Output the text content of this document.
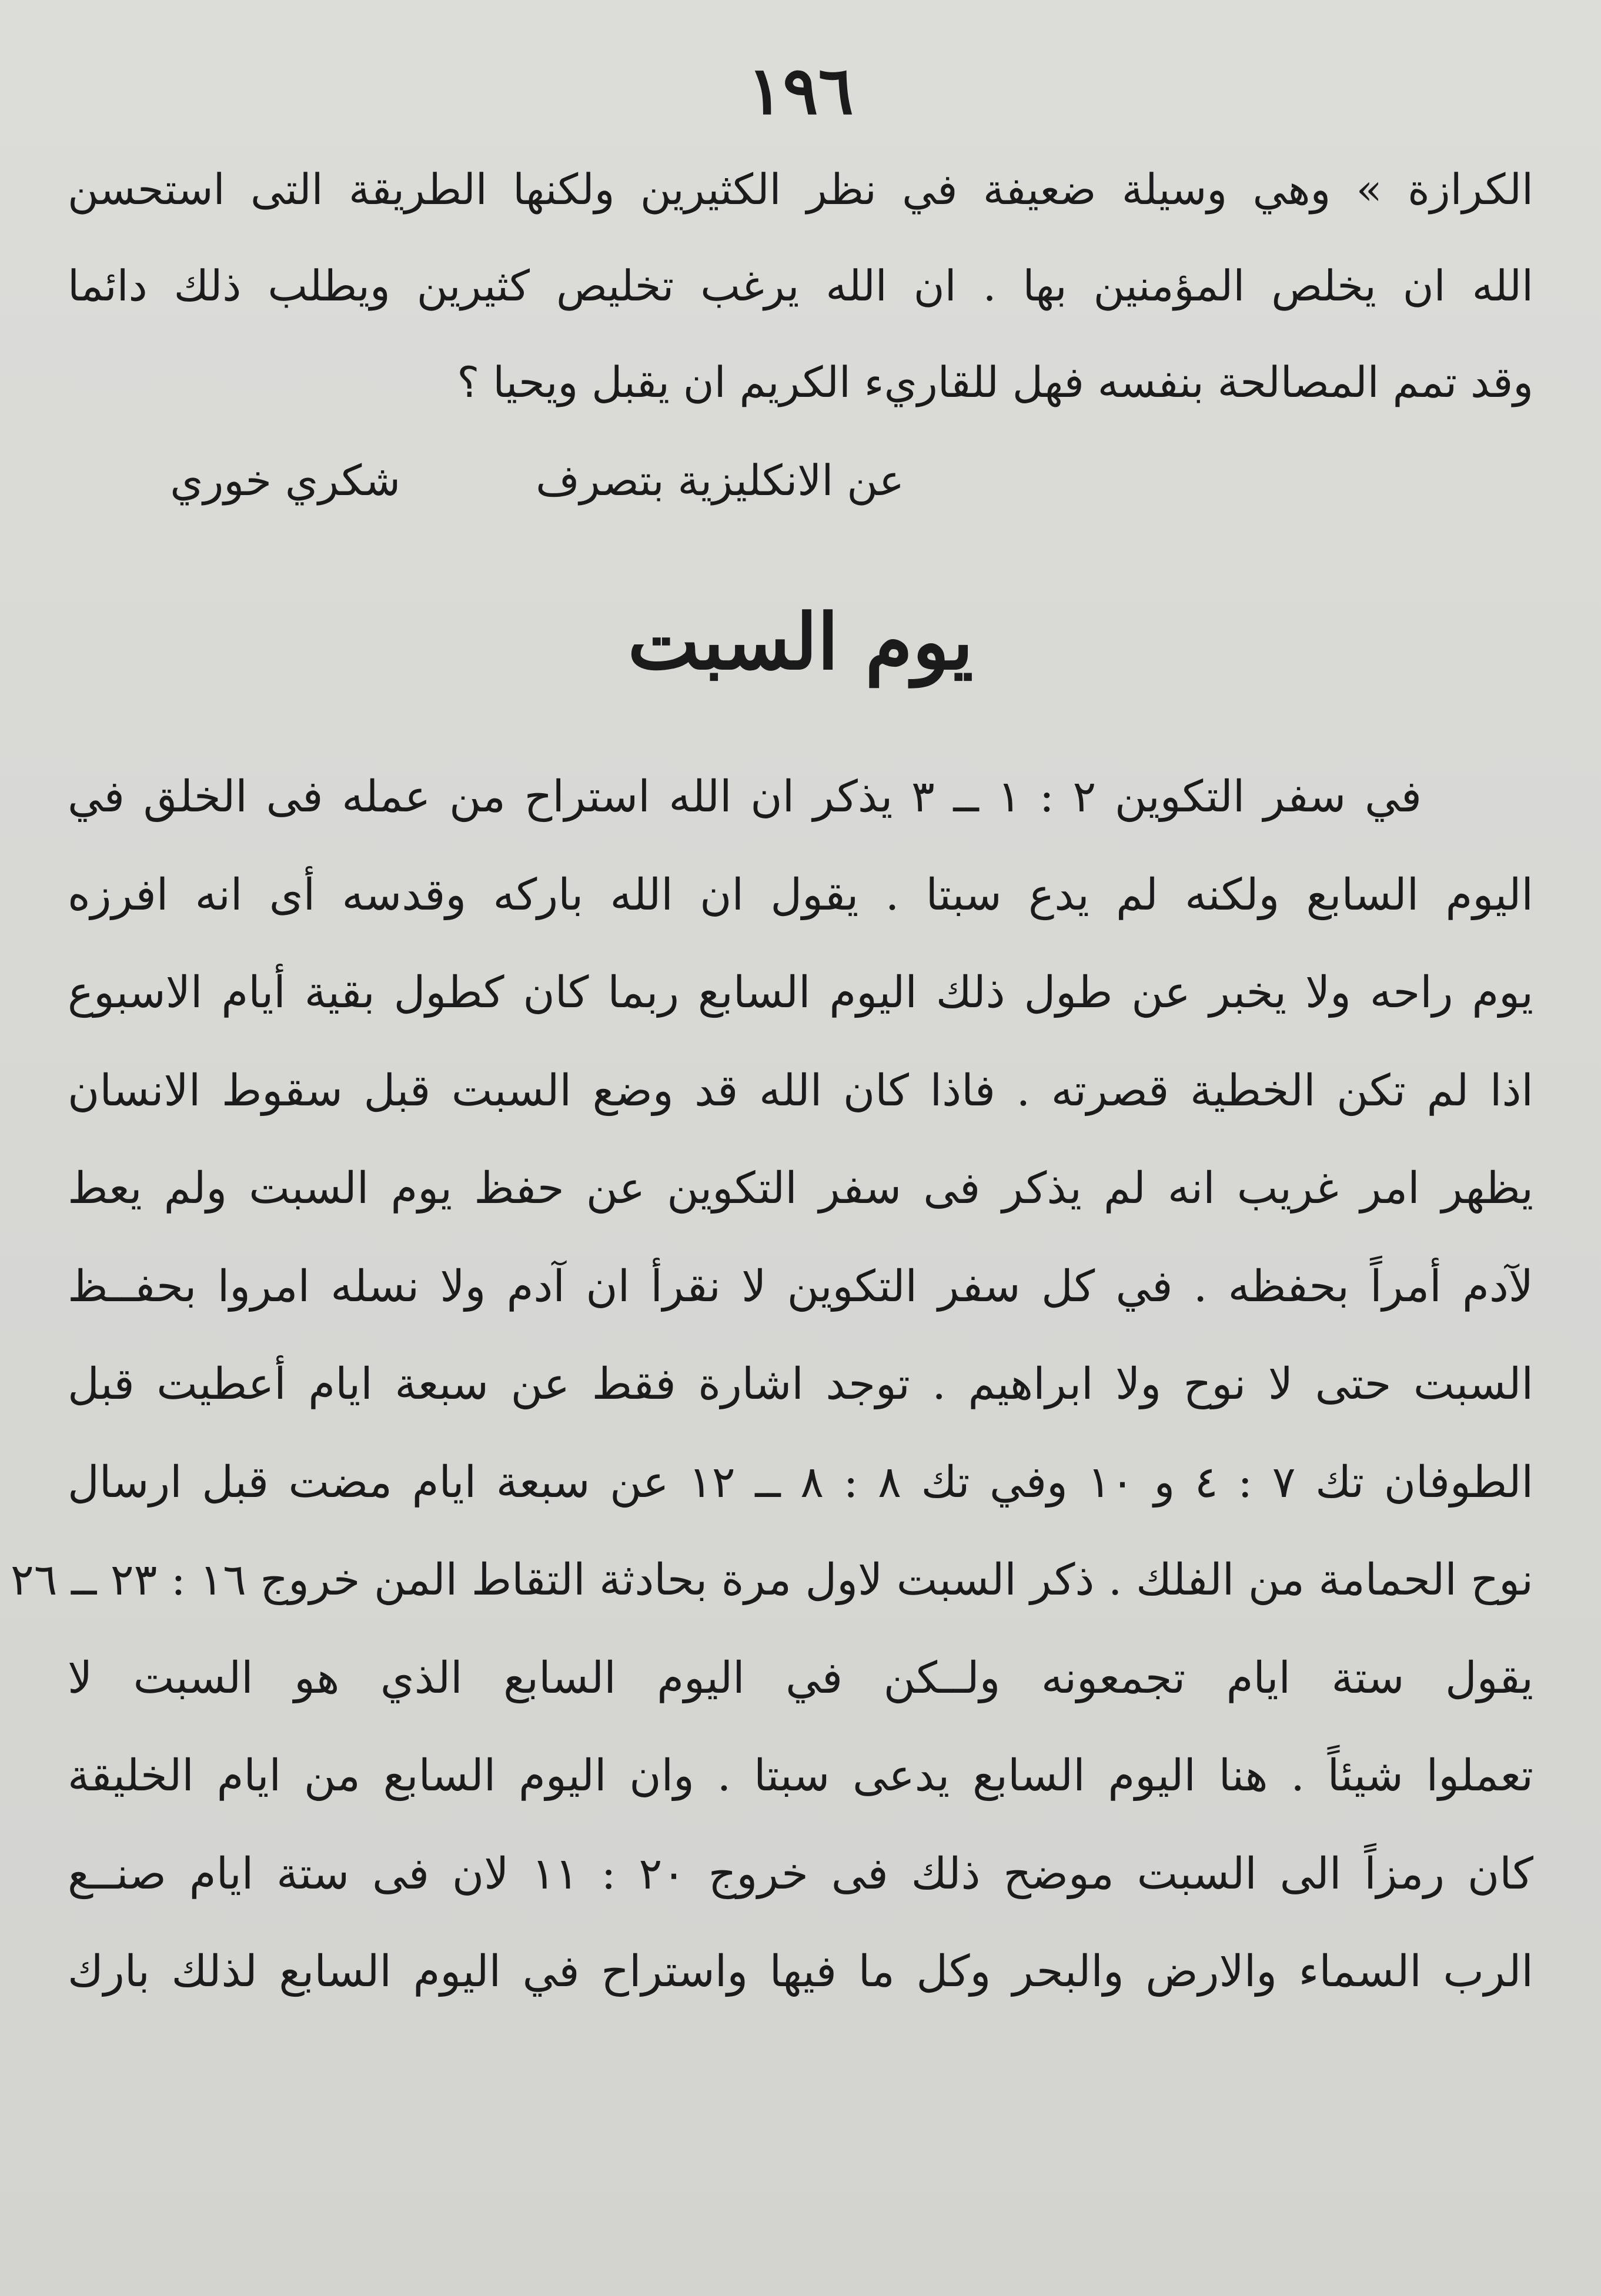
١٩٦
الكرازة » وهي وسيلة ضعيفة في نظر الكثيرين ولكنها الطريقة التى استحسن
الله ان يخلص المؤمنين بها . ان الله يرغب تخليص كثيرين ويطلب ذلك دائما
وقد تمم المصالحة بنفسه فهل للقاريء الكريم ان يقبل ويحيا ؟
عن الانكليزية بتصرف
شكري خوري
يوم السبت
في سفر التكوين ٢ : ١ ــ ٣ يذكر ان الله استراح من عمله فى الخلق في
اليوم السابع ولكنه لم يدع سبتا . يقول ان الله باركه وقدسه أى انه افرزه
يوم راحه ولا يخبر عن طول ذلك اليوم السابع ربما كان كطول بقية أيام الاسبوع
اذا لم تكن الخطية قصرته . فاذا كان الله قد وضع السبت قبل سقوط الانسان
يظهر امر غريب انه لم يذكر فى سفر التكوين عن حفظ يوم السبت ولم يعط
لآدم أمراً بحفظه . في كل سفر التكوين لا نقرأ ان آدم ولا نسله امروا بحفــظ
السبت حتى لا نوح ولا ابراهيم . توجد اشارة فقط عن سبعة ايام أعطيت قبل
الطوفان تك ٧ : ٤ و ١٠ وفي تك ٨ : ٨ ــ ١٢ عن سبعة ايام مضت قبل ارسال
نوح الحمامة من الفلك . ذكر السبت لاول مرة بحادثة التقاط المن خروج ١٦ : ٢٣ ــ ٢٦
يقول ستة ايام تجمعونه ولــكن في اليوم السابع الذي هو السبت لا
تعملوا شيئاً . هنا اليوم السابع يدعى سبتا . وان اليوم السابع من ايام الخليقة
كان رمزاً الى السبت موضح ذلك فى خروج ٢٠ : ١١ لان فى ستة ايام صنــع
الرب السماء والارض والبحر وكل ما فيها واستراح في اليوم السابع لذلك بارك
